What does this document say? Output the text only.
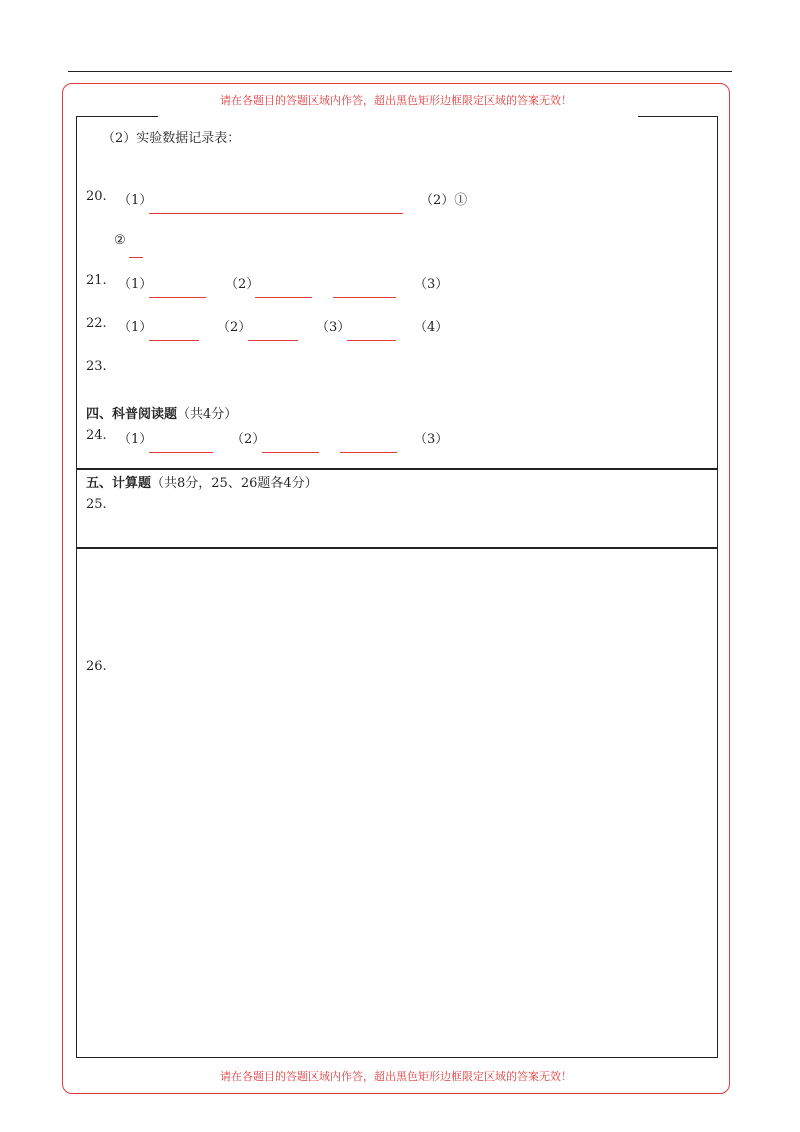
请在各题目的答题区域内作答，超出黑色矩形边框限定区域的答案无效！
请在各题目的答题区域内作答，超出黑色矩形边框限定区域的答案无效！
（2）实验数据记录表：
20. （1）	（2）①
②
21. （1）	（2）	（3）
22. （1）	（2）	（3）	（4）
23.
四、科普阅读题（共4分）
24. （1）	（2）	（3）
五、计算题（共8分，25、26题各4分）
25.
26.
